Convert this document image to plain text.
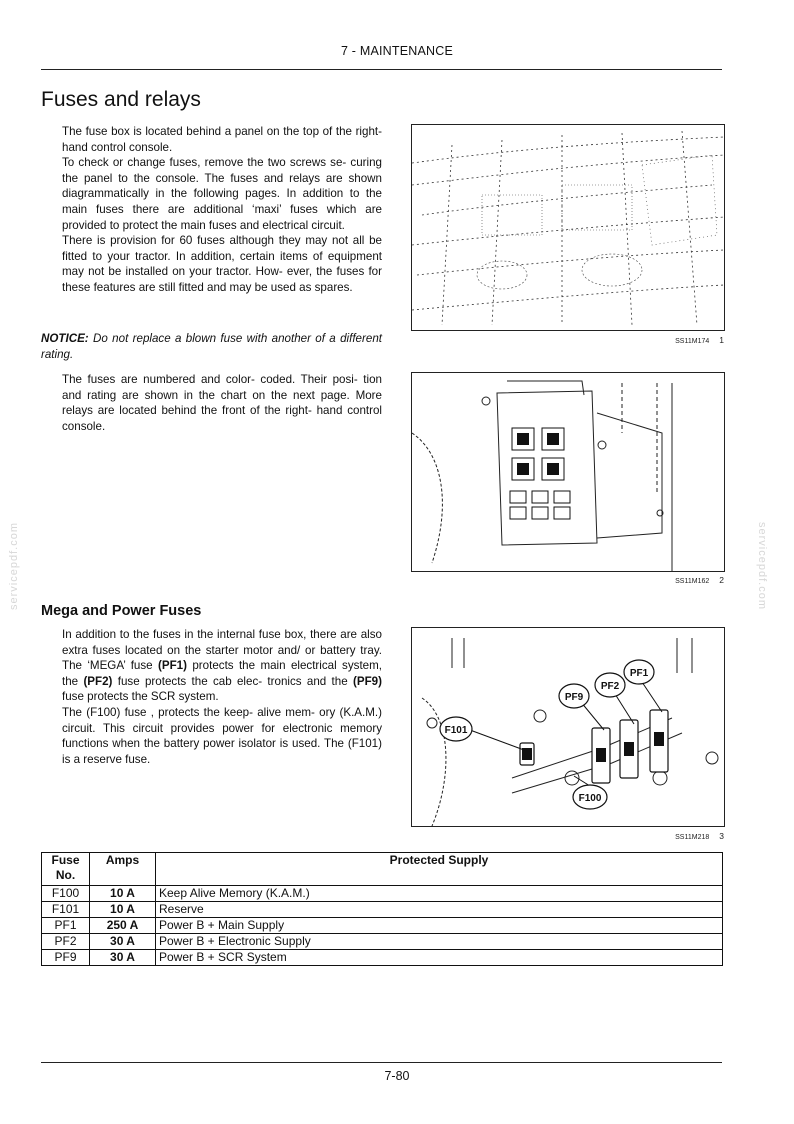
7 - MAINTENANCE
Fuses and relays

The fuse box is located behind a panel on the top of the right- hand control console.

To check or change fuses, remove the two screws se- curing the panel to the console. The fuses and relays are shown diagrammatically in the following pages. In addition to the main fuses there are additional ‘maxi’ fuses which are provided to protect the main fuses and electrical circuit.

There is provision for 60 fuses although they may not all be fitted to your tractor. In addition, certain items of equipment may not be installed on your tractor. How- ever, the fuses for these features are still fitted and may be used as spares.

NOTICE: Do not replace a blown fuse with another of a different rating.

The fuses are numbered and color- coded. Their posi- tion and rating are shown in the chart on the next page. More relays are located behind the front of the right- hand control console.

Mega and Power Fuses

In addition to the fuses in the internal fuse box, there are also extra fuses located on the starter motor and/ or battery tray. The ‘MEGA’ fuse (PF1) protects the main electrical system, the (PF2) fuse protects the cab elec- tronics and the (PF9) fuse protects the SCR system.

The (F100) fuse , protects the keep- alive mem- ory (K.A.M.) circuit. This circuit provides power for electronic memory functions when the battery power isolator is used. The (F101) is a reserve fuse.

SS11M174 1
SS11M162 2
PF1
PF2
PF9
F101
F100
SS11M218 3
Fuse No.	Amps	Protected Supply
F100	10 A	Keep Alive Memory (K.A.M.)
F101	10 A	Reserve
PF1	250 A	Power B + Main Supply
PF2	30 A	Power B + Electronic Supply
PF9	30 A	Power B + SCR System
servicepdf.com	servicepdf.com
7-80
